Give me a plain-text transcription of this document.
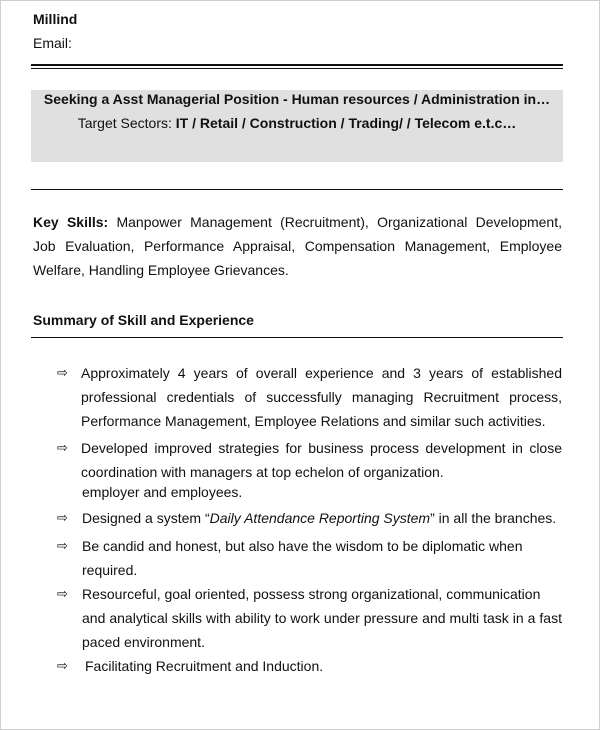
Millind
Email:
Seeking a Asst Managerial Position - Human resources / Administration in…
Target Sectors: IT / Retail / Construction / Trading/ / Telecom e.t.c…
Key Skills: Manpower Management (Recruitment), Organizational Development,
Job Evaluation, Performance Appraisal, Compensation Management, Employee
Welfare, Handling Employee Grievances.
Summary of Skill and Experience
⇨ Approximately 4 years of overall experience and 3 years of established
professional credentials of successfully managing Recruitment process,
Performance Management, Employee Relations and similar such activities.
⇨ Developed improved strategies for business process development in close
coordination with managers at top echelon of organization.
employer and employees.
⇨ Designed a system “Daily Attendance Reporting System” in all the branches.
⇨ Be candid and honest, but also have the wisdom to be diplomatic when
required.
⇨ Resourceful, goal oriented, possess strong organizational, communication
and analytical skills with ability to work under pressure and multi task in a fast
paced environment.
⇨ Facilitating Recruitment and Induction.
